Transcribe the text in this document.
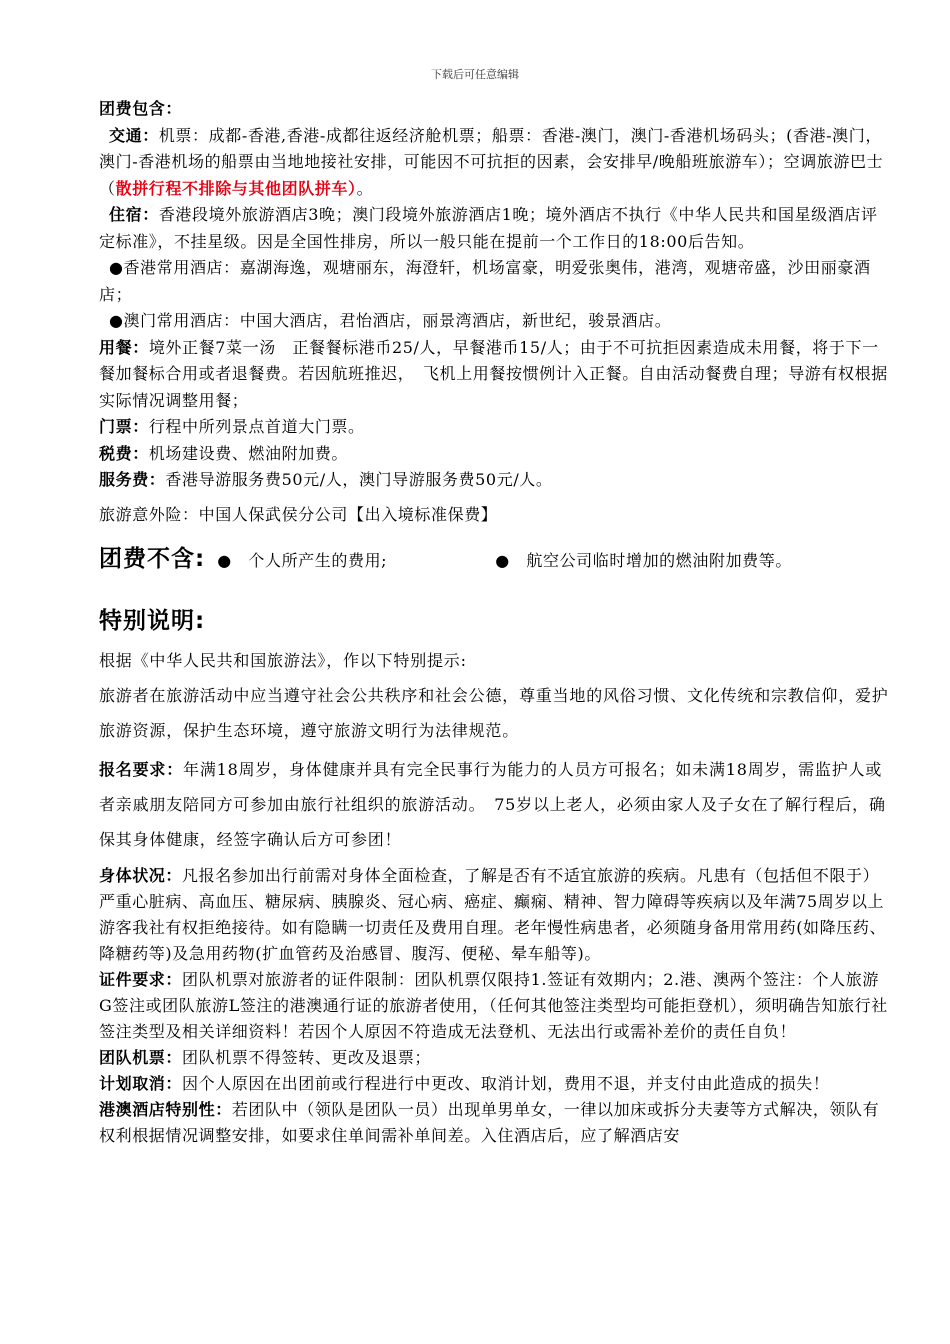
下载后可任意编辑
团费包含：
交通：机票：成都-香港,香港-成都往返经济舱机票；船票：香港-澳门，澳门-香港机场码头；(香港-澳门，澳门-香港机场的船票由当地地接社安排，可能因不可抗拒的因素，会安排早/晚船班旅游车）；空调旅游巴士（散拼行程不排除与其他团队拼车）。
住宿：香港段境外旅游酒店3晚；澳门段境外旅游酒店1晚；境外酒店不执行《中华人民共和国星级酒店评定标准》，不挂星级。因是全国性排房，所以一般只能在提前一个工作日的18:00后告知。
●香港常用酒店：嘉湖海逸，观塘丽东，海澄轩，机场富豪，明爱张奥伟，港湾，观塘帝盛，沙田丽豪酒店；
●澳门常用酒店：中国大酒店，君怡酒店，丽景湾酒店，新世纪，骏景酒店。
用餐：境外正餐7菜一汤　正餐餐标港币25/人，早餐港币15/人；由于不可抗拒因素造成未用餐，将于下一餐加餐标合用或者退餐费。若因航班推迟，　飞机上用餐按惯例计入正餐。自由活动餐费自理；导游有权根据实际情况调整用餐；
门票：行程中所列景点首道大门票。
税费：机场建设费、燃油附加费。
服务费：香港导游服务费50元/人，澳门导游服务费50元/人。
旅游意外险：中国人保武侯分公司【出入境标准保费】
团费不含: ●　个人所产生的费用;	●　航空公司临时增加的燃油附加费等。
特别说明:
根据《中华人民共和国旅游法》，作以下特别提示:
旅游者在旅游活动中应当遵守社会公共秩序和社会公德，尊重当地的风俗习惯、文化传统和宗教信仰，爱护旅游资源，保护生态环境，遵守旅游文明行为法律规范。
报名要求：年满18周岁，身体健康并具有完全民事行为能力的人员方可报名；如未满18周岁，需监护人或者亲戚朋友陪同方可参加由旅行社组织的旅游活动。　75岁以上老人，必须由家人及子女在了解行程后，确保其身体健康，经签字确认后方可参团！
身体状况：凡报名参加出行前需对身体全面检查，了解是否有不适宜旅游的疾病。凡患有（包括但不限于）严重心脏病、高血压、糖尿病、胰腺炎、冠心病、癌症、癫痫、精神、智力障碍等疾病以及年满75周岁以上游客我社有权拒绝接待。如有隐瞒一切责任及费用自理。老年慢性病患者，必须随身备用常用药(如降压药、降糖药等)及急用药物(扩血管药及治感冒、腹泻、便秘、晕车船等)。
证件要求：团队机票对旅游者的证件限制：团队机票仅限持1.签证有效期内；2.港、澳两个签注：个人旅游G签注或团队旅游L签注的港澳通行证的旅游者使用，（任何其他签注类型均可能拒登机），须明确告知旅行社签注类型及相关详细资料！若因个人原因不符造成无法登机、无法出行或需补差价的责任自负！
团队机票：团队机票不得签转、更改及退票；
计划取消：因个人原因在出团前或行程进行中更改、取消计划，费用不退，并支付由此造成的损失！
港澳酒店特别性：若团队中（领队是团队一员）出现单男单女，一律以加床或拆分夫妻等方式解决，领队有权利根据情况调整安排，如要求住单间需补单间差。入住酒店后，应了解酒店安
